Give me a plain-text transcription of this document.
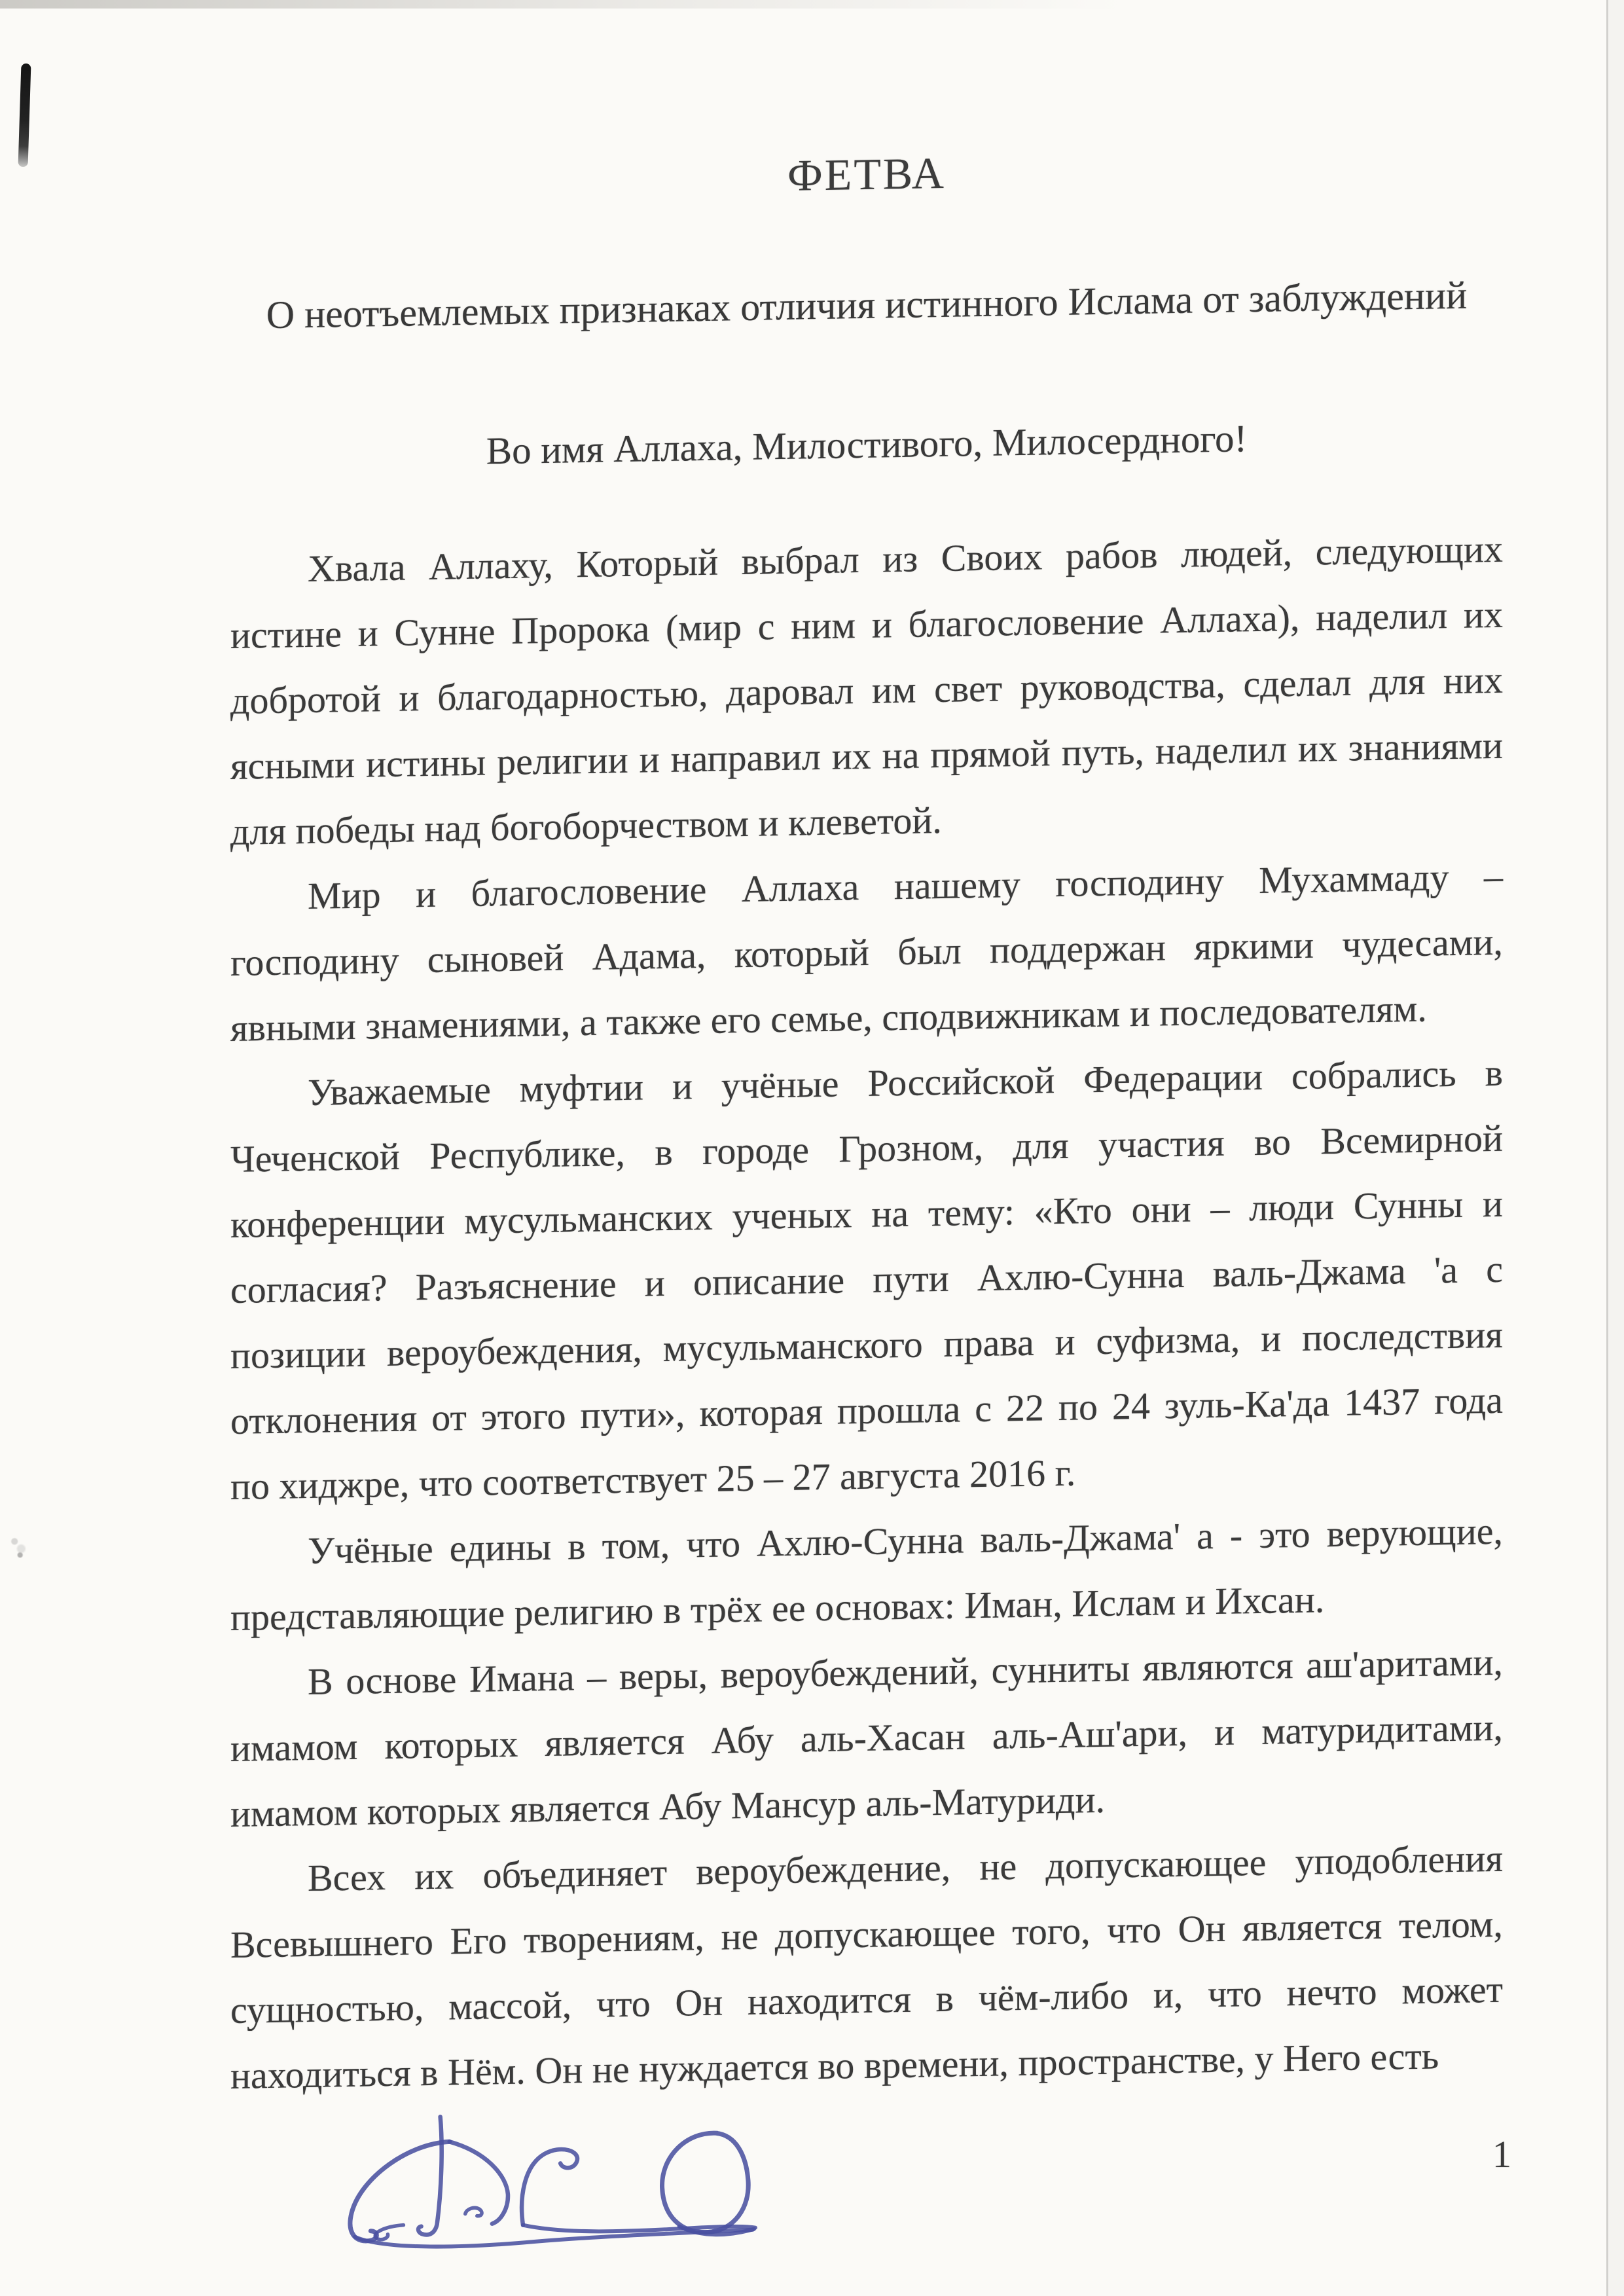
ФЕТВА
О неотъемлемых признаках отличия истинного Ислама от заблуждений
Во имя Аллаха, Милостивого, Милосердного!
Хвала Аллаху, Который выбрал из Своих рабов людей, следующих
истине и Сунне Пророка (мир с ним и благословение Аллаха), наделил их
добротой и благодарностью, даровал им свет руководства, сделал для них
ясными истины религии и направил их на прямой путь, наделил их знаниями
для победы над богоборчеством и клеветой.
Мир и благословение Аллаха нашему господину Мухаммаду –
господину сыновей Адама, который был поддержан яркими чудесами,
явными знамениями, а также его семье, сподвижникам и последователям.
Уважаемые муфтии и учёные Российской Федерации собрались в
Чеченской Республике, в городе Грозном, для участия во Всемирной
конференции мусульманских ученых на тему: «Кто они – люди Сунны и
согласия? Разъяснение и описание пути Ахлю-Сунна валь-Джама 'а с
позиции вероубеждения, мусульманского права и суфизма, и последствия
отклонения от этого пути», которая прошла с 22 по 24 зуль-Ка'да 1437 года
по хиджре, что соответствует 25 – 27 августа 2016 г.
Учёные едины в том, что Ахлю-Сунна валь-Джама' а - это верующие,
представляющие религию в трёх ее основах: Иман, Ислам и Ихсан.
В основе Имана – веры, вероубеждений, сунниты являются аш'аритами,
имамом которых является Абу аль-Хасан аль-Аш'ари, и матуридитами,
имамом которых является Абу Мансур аль-Матуриди.
Всех их объединяет вероубеждение, не допускающее уподобления
Всевышнего Его творениям, не допускающее того, что Он является телом,
сущностью, массой, что Он находится в чём-либо и, что нечто может
находиться в Нём. Он не нуждается во времени, пространстве, у Него есть
1
